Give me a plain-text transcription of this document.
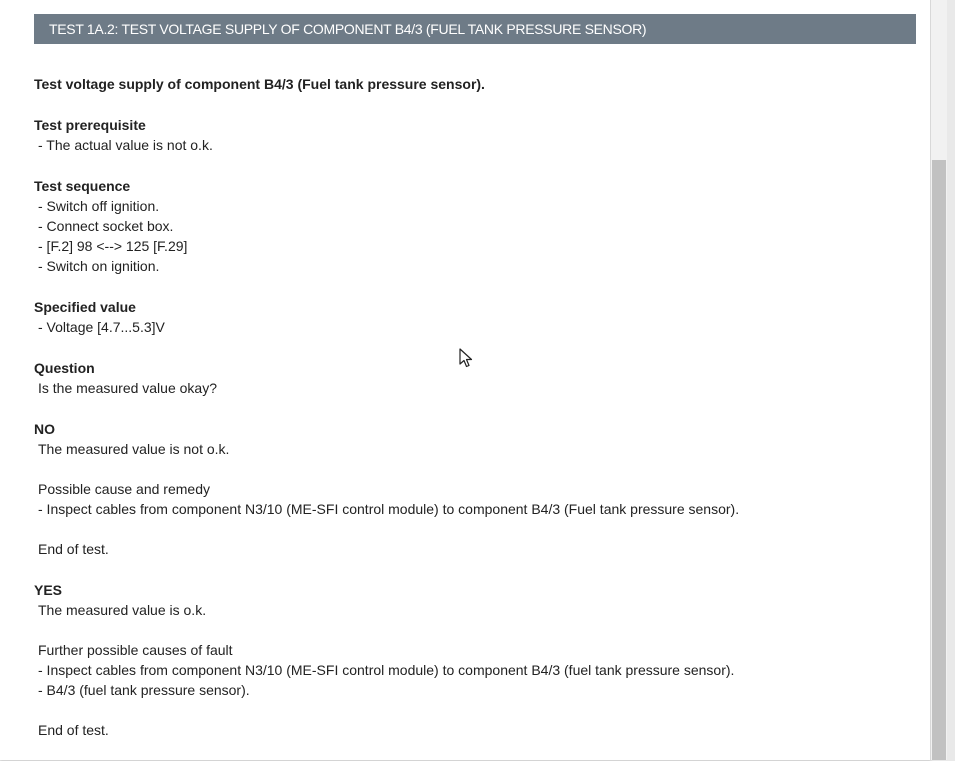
TEST 1A.2: TEST VOLTAGE SUPPLY OF COMPONENT B4/3 (FUEL TANK PRESSURE SENSOR)
Test voltage supply of component B4/3 (Fuel tank pressure sensor).
Test prerequisite
- The actual value is not o.k.
Test sequence
- Switch off ignition.
- Connect socket box.
- [F.2] 98 <--> 125 [F.29]
- Switch on ignition.
Specified value
- Voltage [4.7...5.3]V
Question
Is the measured value okay?
NO
The measured value is not o.k.
Possible cause and remedy
- Inspect cables from component N3/10 (ME-SFI control module) to component B4/3 (Fuel tank pressure sensor).
End of test.
YES
The measured value is o.k.
Further possible causes of fault
- Inspect cables from component N3/10 (ME-SFI control module) to component B4/3 (fuel tank pressure sensor).
- B4/3 (fuel tank pressure sensor).
End of test.
